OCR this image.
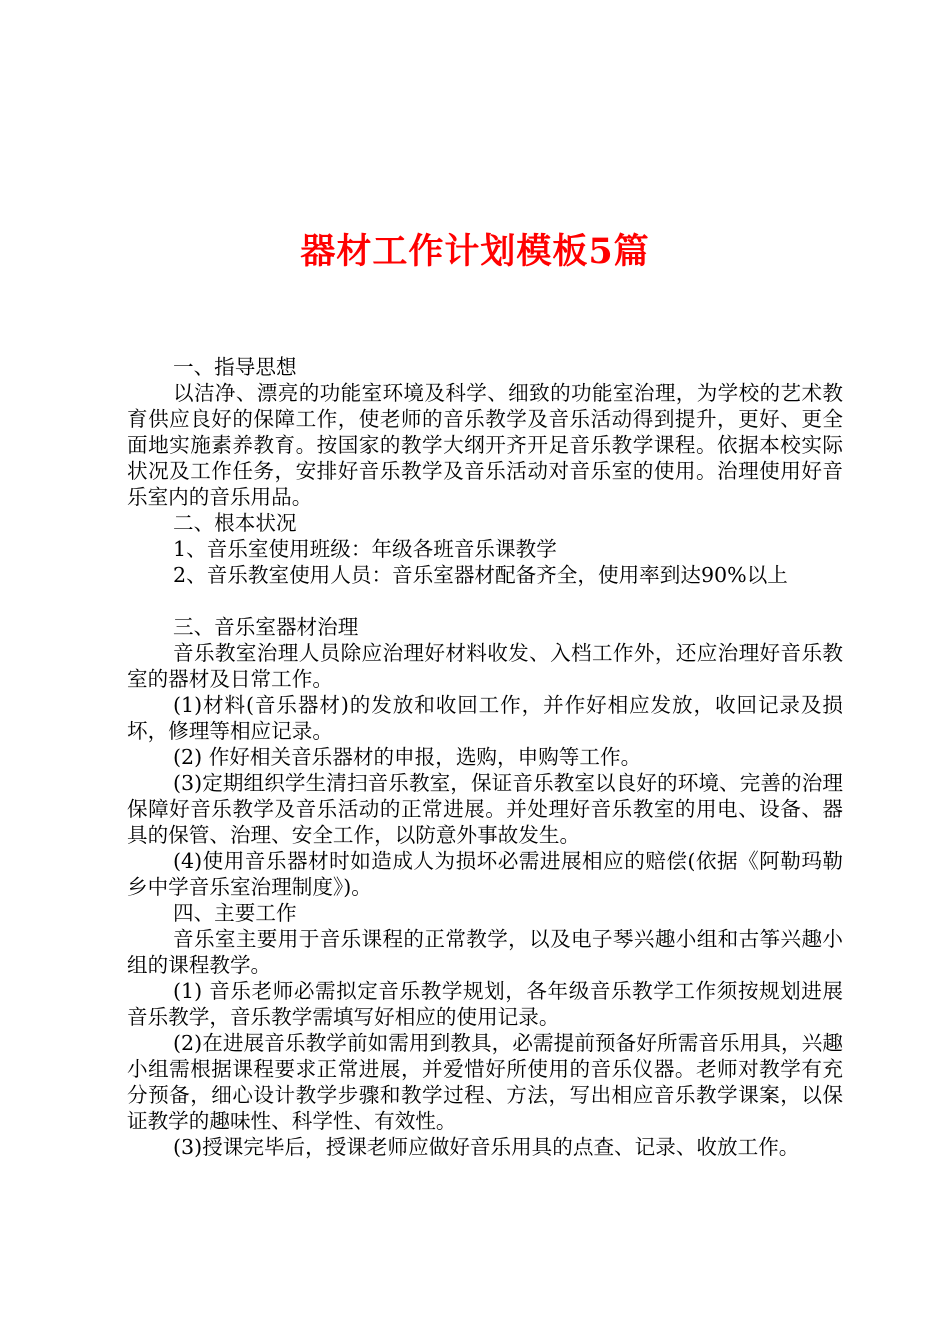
器材工作计划模板5篇

一、指导思想

以洁净、漂亮的功能室环境及科学、细致的功能室治理，为学校的艺术教育供应良好的保障工作，使老师的音乐教学及音乐活动得到提升，更好、更全面地实施素养教育。按国家的教学大纲开齐开足音乐教学课程。依据本校实际状况及工作任务，安排好音乐教学及音乐活动对音乐室的使用。治理使用好音乐室内的音乐用品。

二、根本状况

1、音乐室使用班级：年级各班音乐课教学

2、音乐教室使用人员：音乐室器材配备齐全，使用率到达90%以上

三、音乐室器材治理

音乐教室治理人员除应治理好材料收发、入档工作外，还应治理好音乐教室的器材及日常工作。

(1)材料(音乐器材)的发放和收回工作，并作好相应发放，收回记录及损坏，修理等相应记录。

(2) 作好相关音乐器材的申报，选购，申购等工作。

(3)定期组织学生清扫音乐教室，保证音乐教室以良好的环境、完善的治理保障好音乐教学及音乐活动的正常进展。并处理好音乐教室的用电、设备、器具的保管、治理、安全工作，以防意外事故发生。

(4)使用音乐器材时如造成人为损坏必需进展相应的赔偿(依据《阿勒玛勒乡中学音乐室治理制度》)。

四、主要工作

音乐室主要用于音乐课程的正常教学，以及电子琴兴趣小组和古筝兴趣小组的课程教学。

(1) 音乐老师必需拟定音乐教学规划，各年级音乐教学工作须按规划进展音乐教学，音乐教学需填写好相应的使用记录。

(2)在进展音乐教学前如需用到教具，必需提前预备好所需音乐用具，兴趣小组需根据课程要求正常进展，并爱惜好所使用的音乐仪器。老师对教学有充分预备，细心设计教学步骤和教学过程、方法，写出相应音乐教学课案，以保证教学的趣味性、科学性、有效性。

(3)授课完毕后，授课老师应做好音乐用具的点查、记录、收放工作。
